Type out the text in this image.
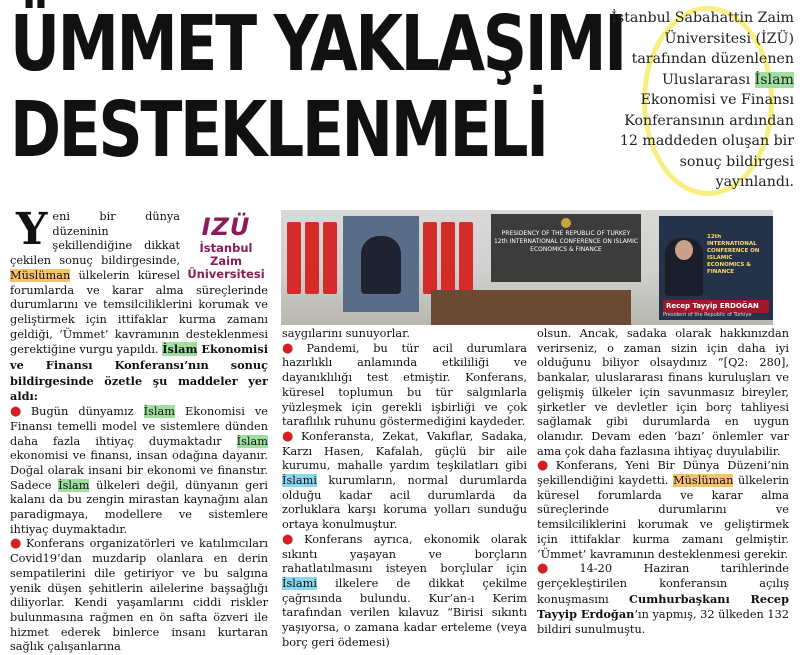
ÜMMET YAKLAŞIMI
DESTEKLENMELİ

İstanbul Sabahattin Zaim Üniversitesi (İZÜ) tarafından düzenlenen Uluslararası İslam Ekonomisi ve Finansı Konferansının ardından 12 maddeden oluşan bir sonuç bildirgesi yayınlandı.

IZÜ
İstanbul Zaim
Üniversitesi

Yeni bir dünya düzeninin şekillendiğine dikkat çekilen sonuç bildirgesinde, Müslüman ülkelerin küresel forumlarda ve karar alma süreçlerinde durumlarını ve temsilciliklerini korumak ve geliştirmek için ittifaklar kurma zamanı geldiği, ‘Ümmet’ kavramının desteklenmesi gerektiğine vurgu yapıldı. İslam Ekonomisi ve Finansı Konferansı’nın sonuç bildirgesinde özetle şu maddeler yer aldı:

● Bugün dünyamız İslam Ekonomisi ve Finansı temelli model ve sistemlere dünden daha fazla ihtiyaç duymaktadır İslam ekonomisi ve finansı, insan odağına dayanır. Doğal olarak insani bir ekonomi ve finanstır. Sadece İslam ülkeleri değil, dünyanın geri kalanı da bu zengin mirastan kaynağını alan paradigmaya, modellere ve sistemlere ihtiyaç duymaktadır.

● Konferans organizatörleri ve katılımcıları Covid19’dan muzdarip olanlara en derin sempatilerini dile getiriyor ve bu salgına yenik düşen şehitlerin ailelerine başsağlığı diliyorlar. Kendi yaşamlarını ciddi riskler bulunmasına rağmen en ön safta özveri ile hizmet ederek binlerce insanı kurtaran sağlık çalışanlarına

PRESIDENCY OF THE REPUBLIC OF TURKEY
12th INTERNATIONAL CONFERENCE ON ISLAMIC ECONOMICS & FINANCE
12th INTERNATIONAL CONFERENCE ON ISLAMIC ECONOMICS & FINANCE
Recep Tayyip ERDOĞAN
President of the Republic of Türkiye

saygılarını sunuyorlar.

● Pandemi, bu tür acil durumlara hazırlıklı anlamında etkililiği ve dayanıklılığı test etmiştir. Konferans, küresel toplumun bu tür salgınlarla yüzleşmek için gerekli işbirliği ve çok taraflılık ruhunu göstermediğini kaydeder.

● Konferansta, Zekat, Vakıflar, Sadaka, Karzı Hasen, Kafalah, güçlü bir aile kurumu, mahalle yardım teşkilatları gibi İslami kurumların, normal durumlarda olduğu kadar acil durumlarda da zorluklara karşı koruma yolları sunduğu ortaya konulmuştur.

● Konferans ayrıca, ekonomik olarak sıkıntı yaşayan ve borçların rahatlatılmasını isteyen borçlular için İslami ilkelere de dikkat çekilme çağrısında bulundu. Kur’an-ı Kerim tarafından verilen kılavuz “Birisi sıkıntı yaşıyorsa, o zamana kadar erteleme (veya borç geri ödemesi)

olsun. Ancak, sadaka olarak hakkınızdan verirseniz, o zaman sizin için daha iyi olduğunu biliyor olsaydınız ”[Q2: 280], bankalar, uluslararası finans kuruluşları ve gelişmiş ülkeler için savunmasız bireyler, şirketler ve devletler için borç tahliyesi sağlamak gibi durumlarda en uygun olanıdır. Devam eden ‘bazı’ önlemler var ama çok daha fazlasına ihtiyaç duyulabilir.

● Konferans, Yeni Bir Dünya Düzeni’nin şekillendiğini kaydetti. Müslüman ülkelerin küresel forumlarda ve karar alma süreçlerinde durumlarını ve temsilciliklerini korumak ve geliştirmek için ittifaklar kurma zamanı gelmiştir. ‘Ümmet’ kavramının desteklenmesi gerekir.

● 14-20 Haziran tarihlerinde gerçekleştirilen konferansın açılış konuşmasını Cumhurbaşkanı Recep Tayyip Erdoğan’ın yapmış, 32 ülkeden 132 bildiri sunulmuştu.
